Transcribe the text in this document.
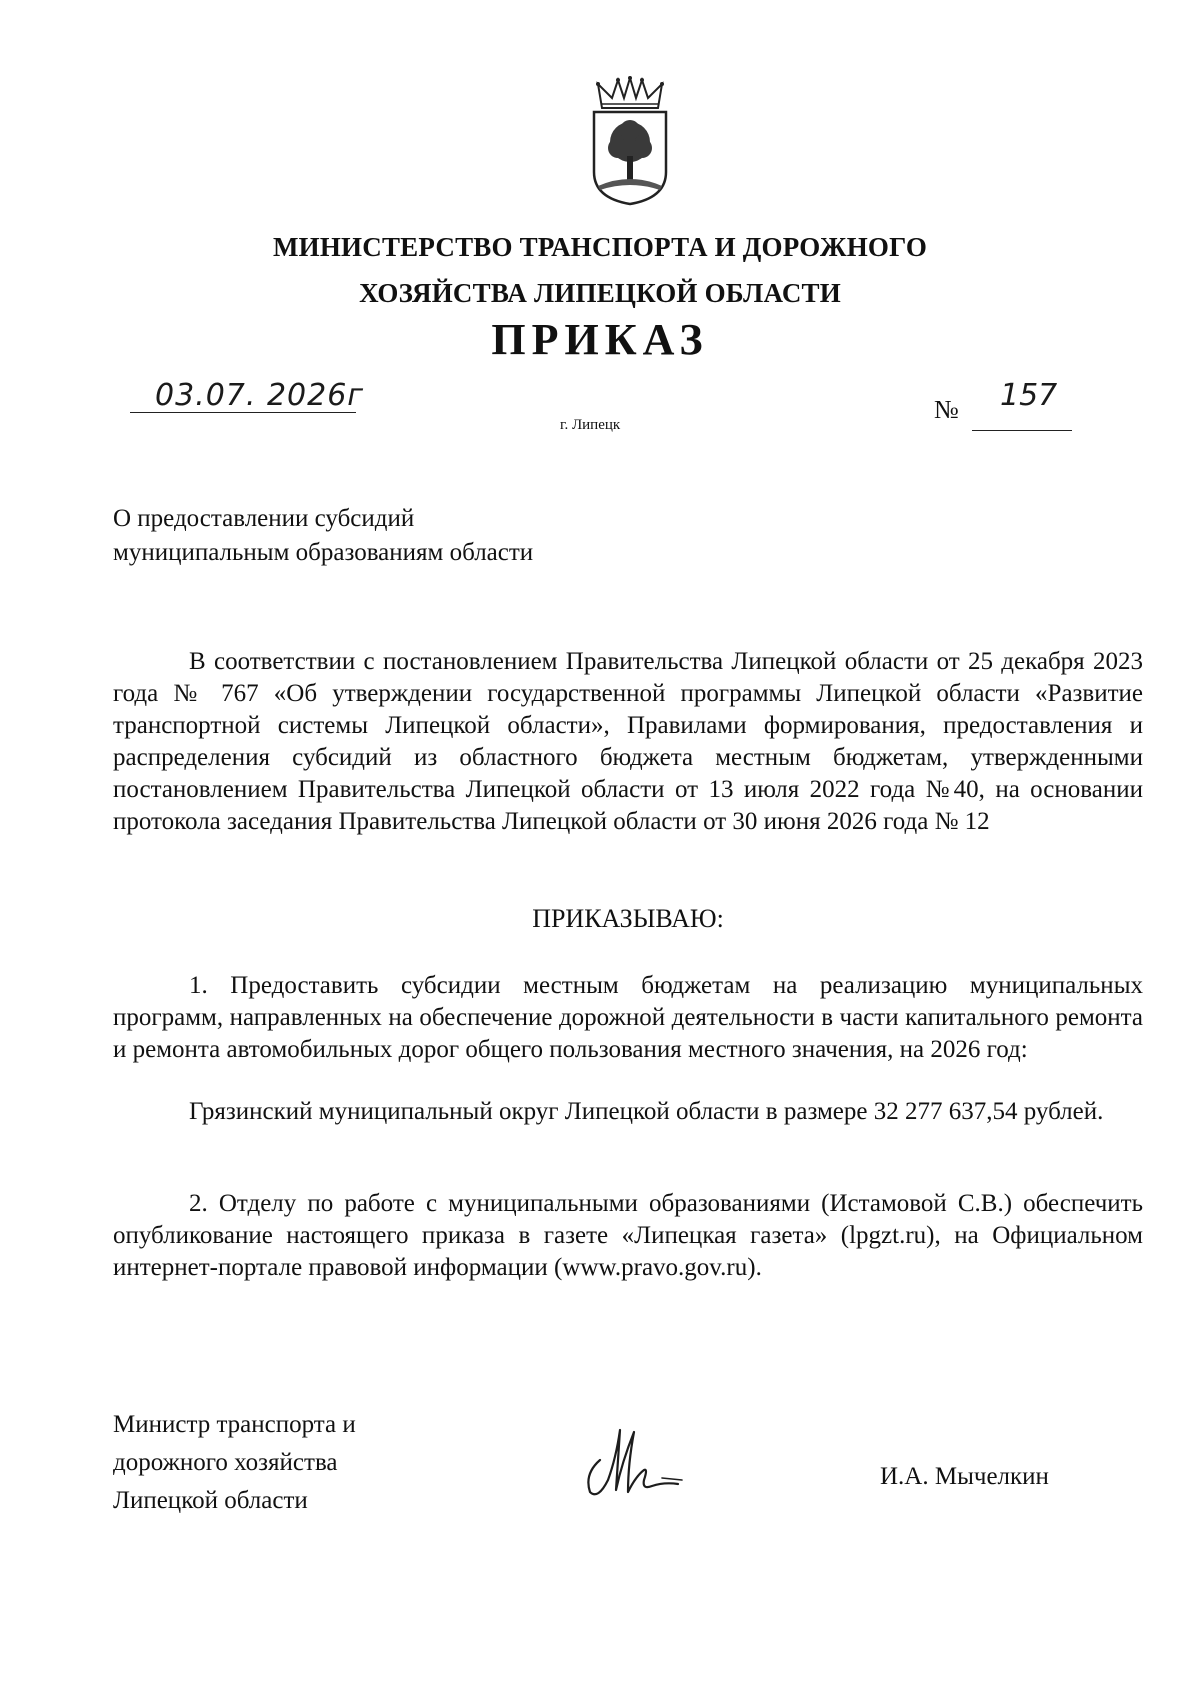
МИНИСТЕРСТВО ТРАНСПОРТА И ДОРОЖНОГО
ХОЗЯЙСТВА ЛИПЕЦКОЙ ОБЛАСТИ
ПРИКАЗ
03.07. 2026г
г. Липецк
№ 157
О предоставлении субсидий
муниципальным образованиям области
В соответствии с постановлением Правительства Липецкой области от 25 декабря 2023 года № 767 «Об утверждении государственной программы Липецкой области «Развитие транспортной системы Липецкой области», Правилами формирования, предоставления и распределения субсидий из областного бюджета местным бюджетам, утвержденными постановлением Правительства Липецкой области от 13 июля 2022 года №40, на основании протокола заседания Правительства Липецкой области от 30 июня 2026 года № 12
ПРИКАЗЫВАЮ:
1. Предоставить субсидии местным бюджетам на реализацию муниципальных программ, направленных на обеспечение дорожной деятельности в части капитального ремонта и ремонта автомобильных дорог общего пользования местного значения, на 2026 год:
Грязинский муниципальный округ Липецкой области в размере 32 277 637,54 рублей.
2. Отделу по работе с муниципальными образованиями (Истамовой С.В.) обеспечить опубликование настоящего приказа в газете «Липецкая газета» (lpgzt.ru), на Официальном интернет-портале правовой информации (www.pravo.gov.ru).
Министр транспорта и
дорожного хозяйства
Липецкой области
И.А. Мычелкин
